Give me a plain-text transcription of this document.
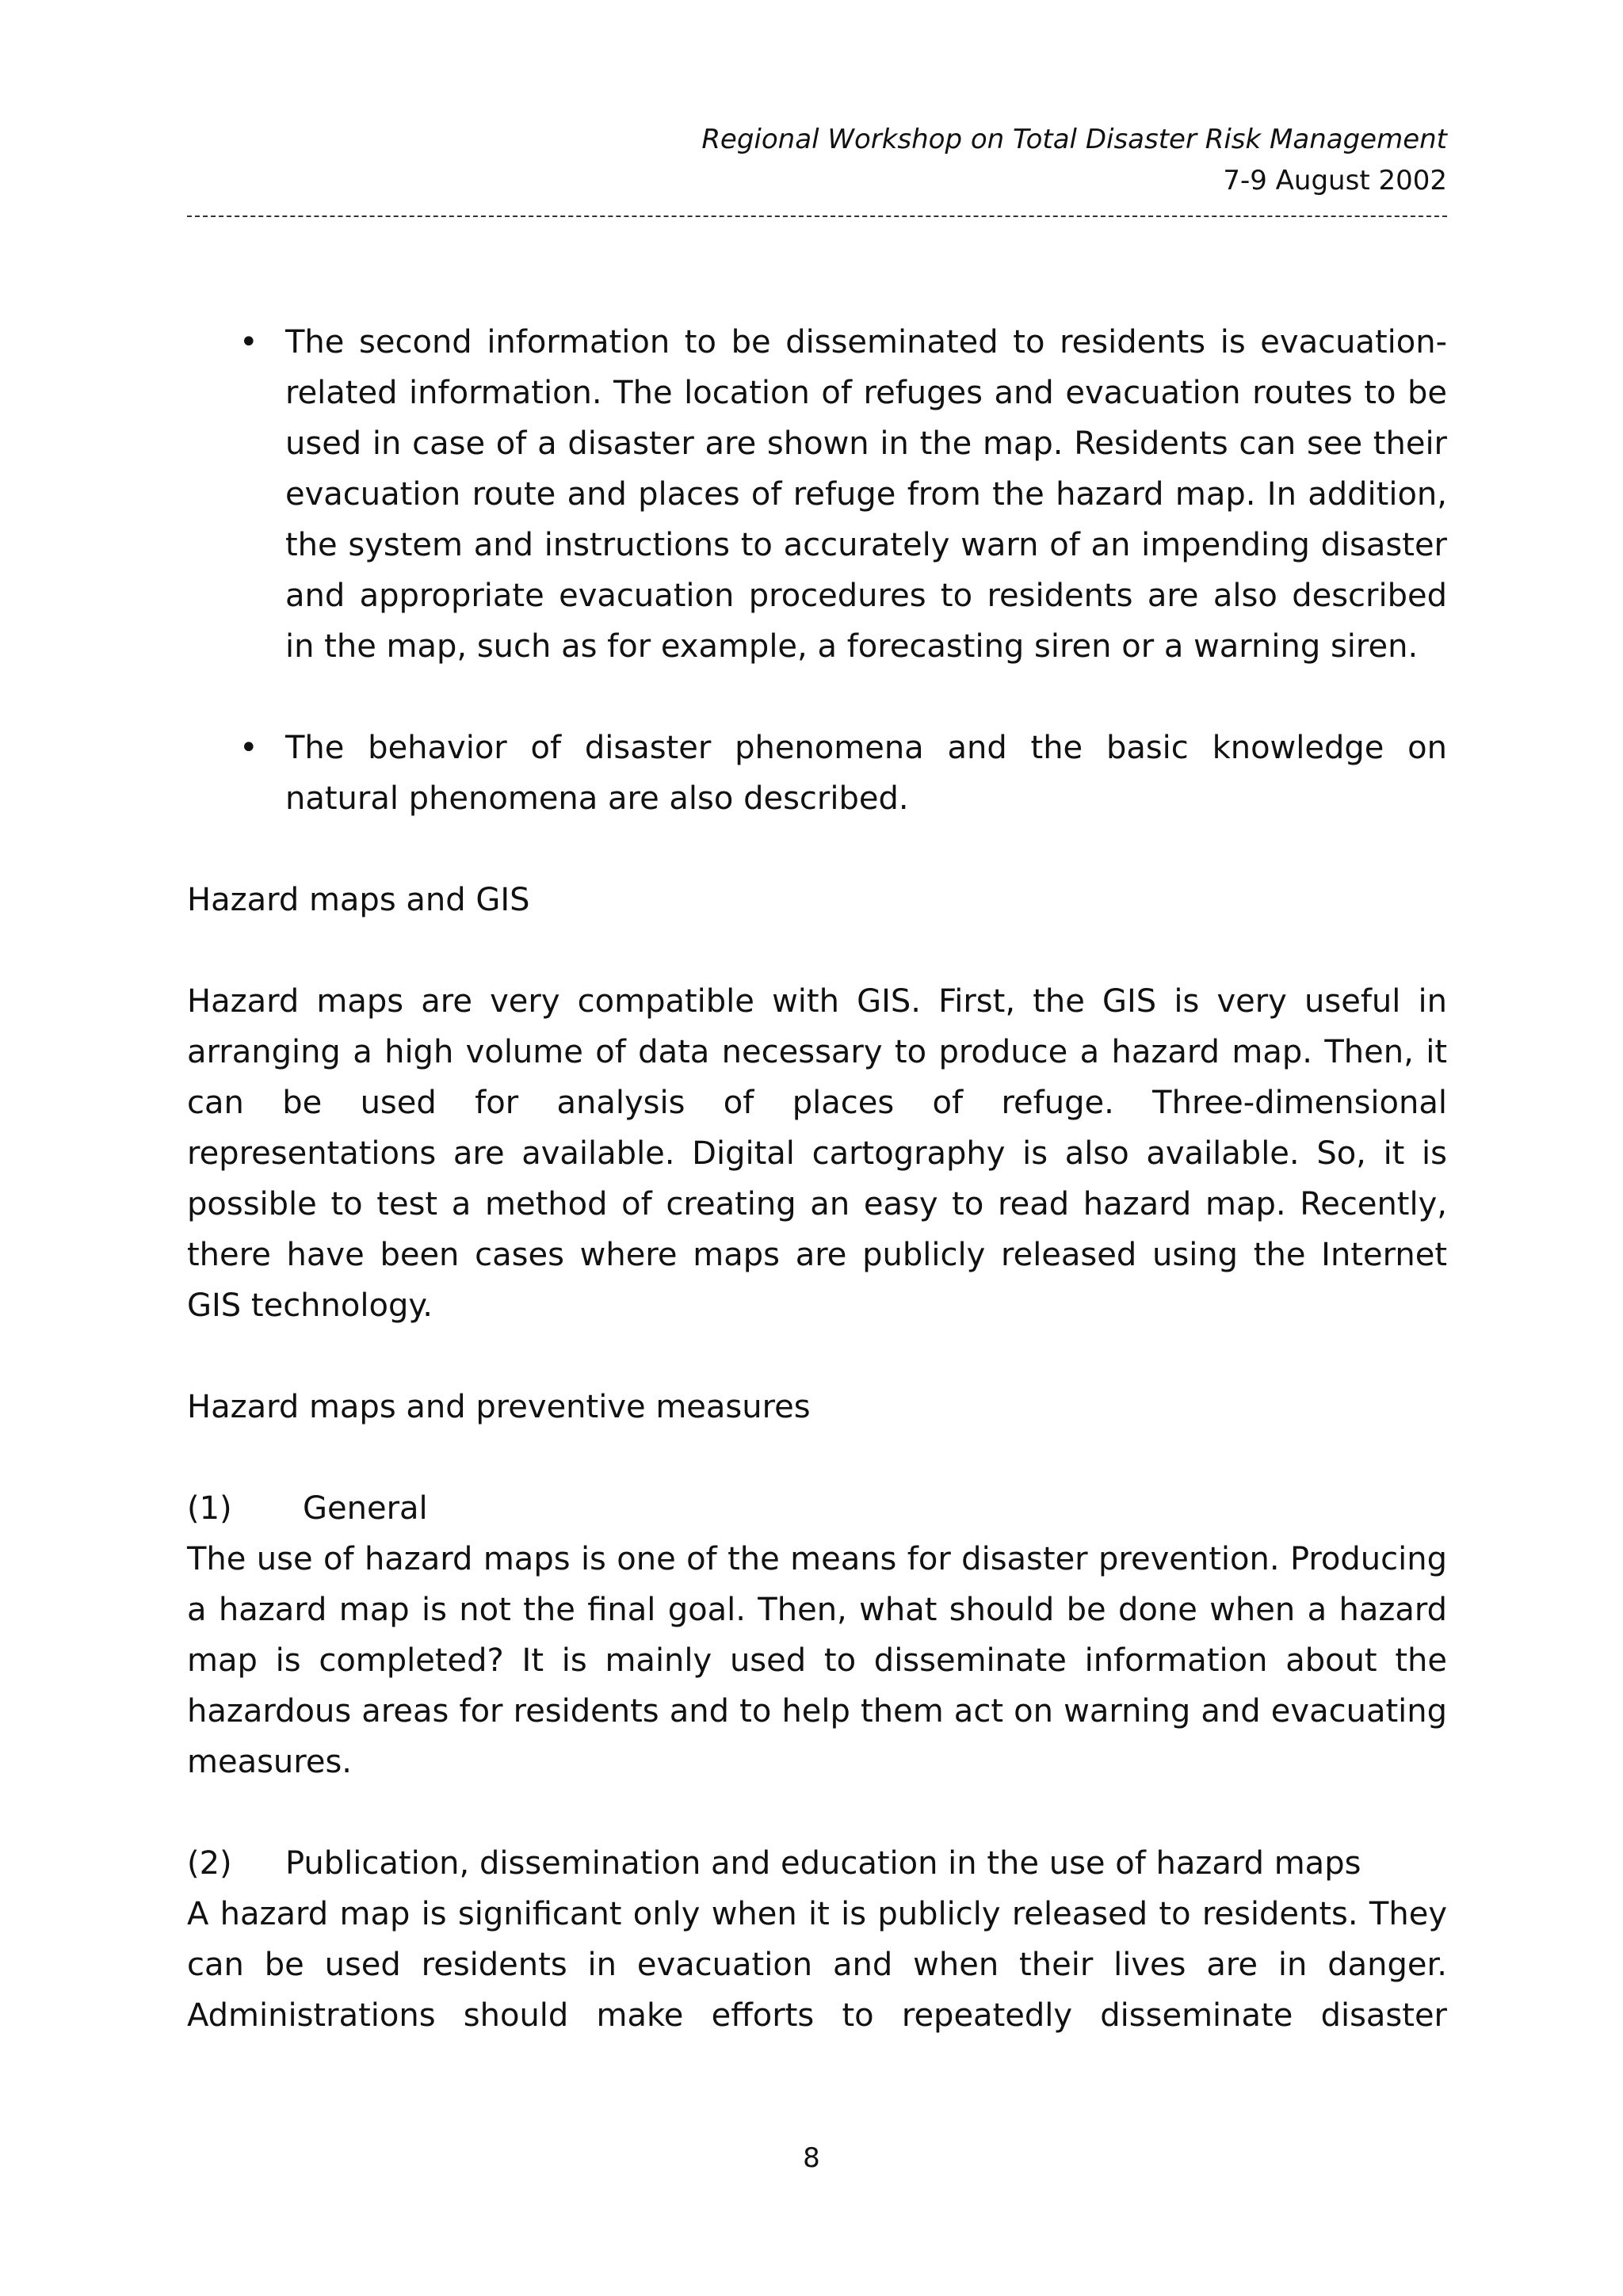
Regional Workshop on Total Disaster Risk Management
7-9 August 2002
• The second information to be disseminated to residents is evacuation-related information. The location of refuges and evacuation routes to be used in case of a disaster are shown in the map. Residents can see their evacuation route and places of refuge from the hazard map. In addition, the system and instructions to accurately warn of an impending disaster and appropriate evacuation procedures to residents are also described in the map, such as for example, a forecasting siren or a warning siren.
• The behavior of disaster phenomena and the basic knowledge on natural phenomena are also described.
Hazard maps and GIS
Hazard maps are very compatible with GIS. First, the GIS is very useful in arranging a high volume of data necessary to produce a hazard map. Then, it can be used for analysis of places of refuge. Three-dimensional representations are available. Digital cartography is also available. So, it is possible to test a method of creating an easy to read hazard map. Recently, there have been cases where maps are publicly released using the Internet GIS technology.
Hazard maps and preventive measures
(1) General
The use of hazard maps is one of the means for disaster prevention. Producing a hazard map is not the final goal. Then, what should be done when a hazard map is completed? It is mainly used to disseminate information about the hazardous areas for residents and to help them act on warning and evacuating measures.
(2) Publication, dissemination and education in the use of hazard maps
A hazard map is significant only when it is publicly released to residents. They can be used residents in evacuation and when their lives are in danger. Administrations should make efforts to repeatedly disseminate disaster
8
